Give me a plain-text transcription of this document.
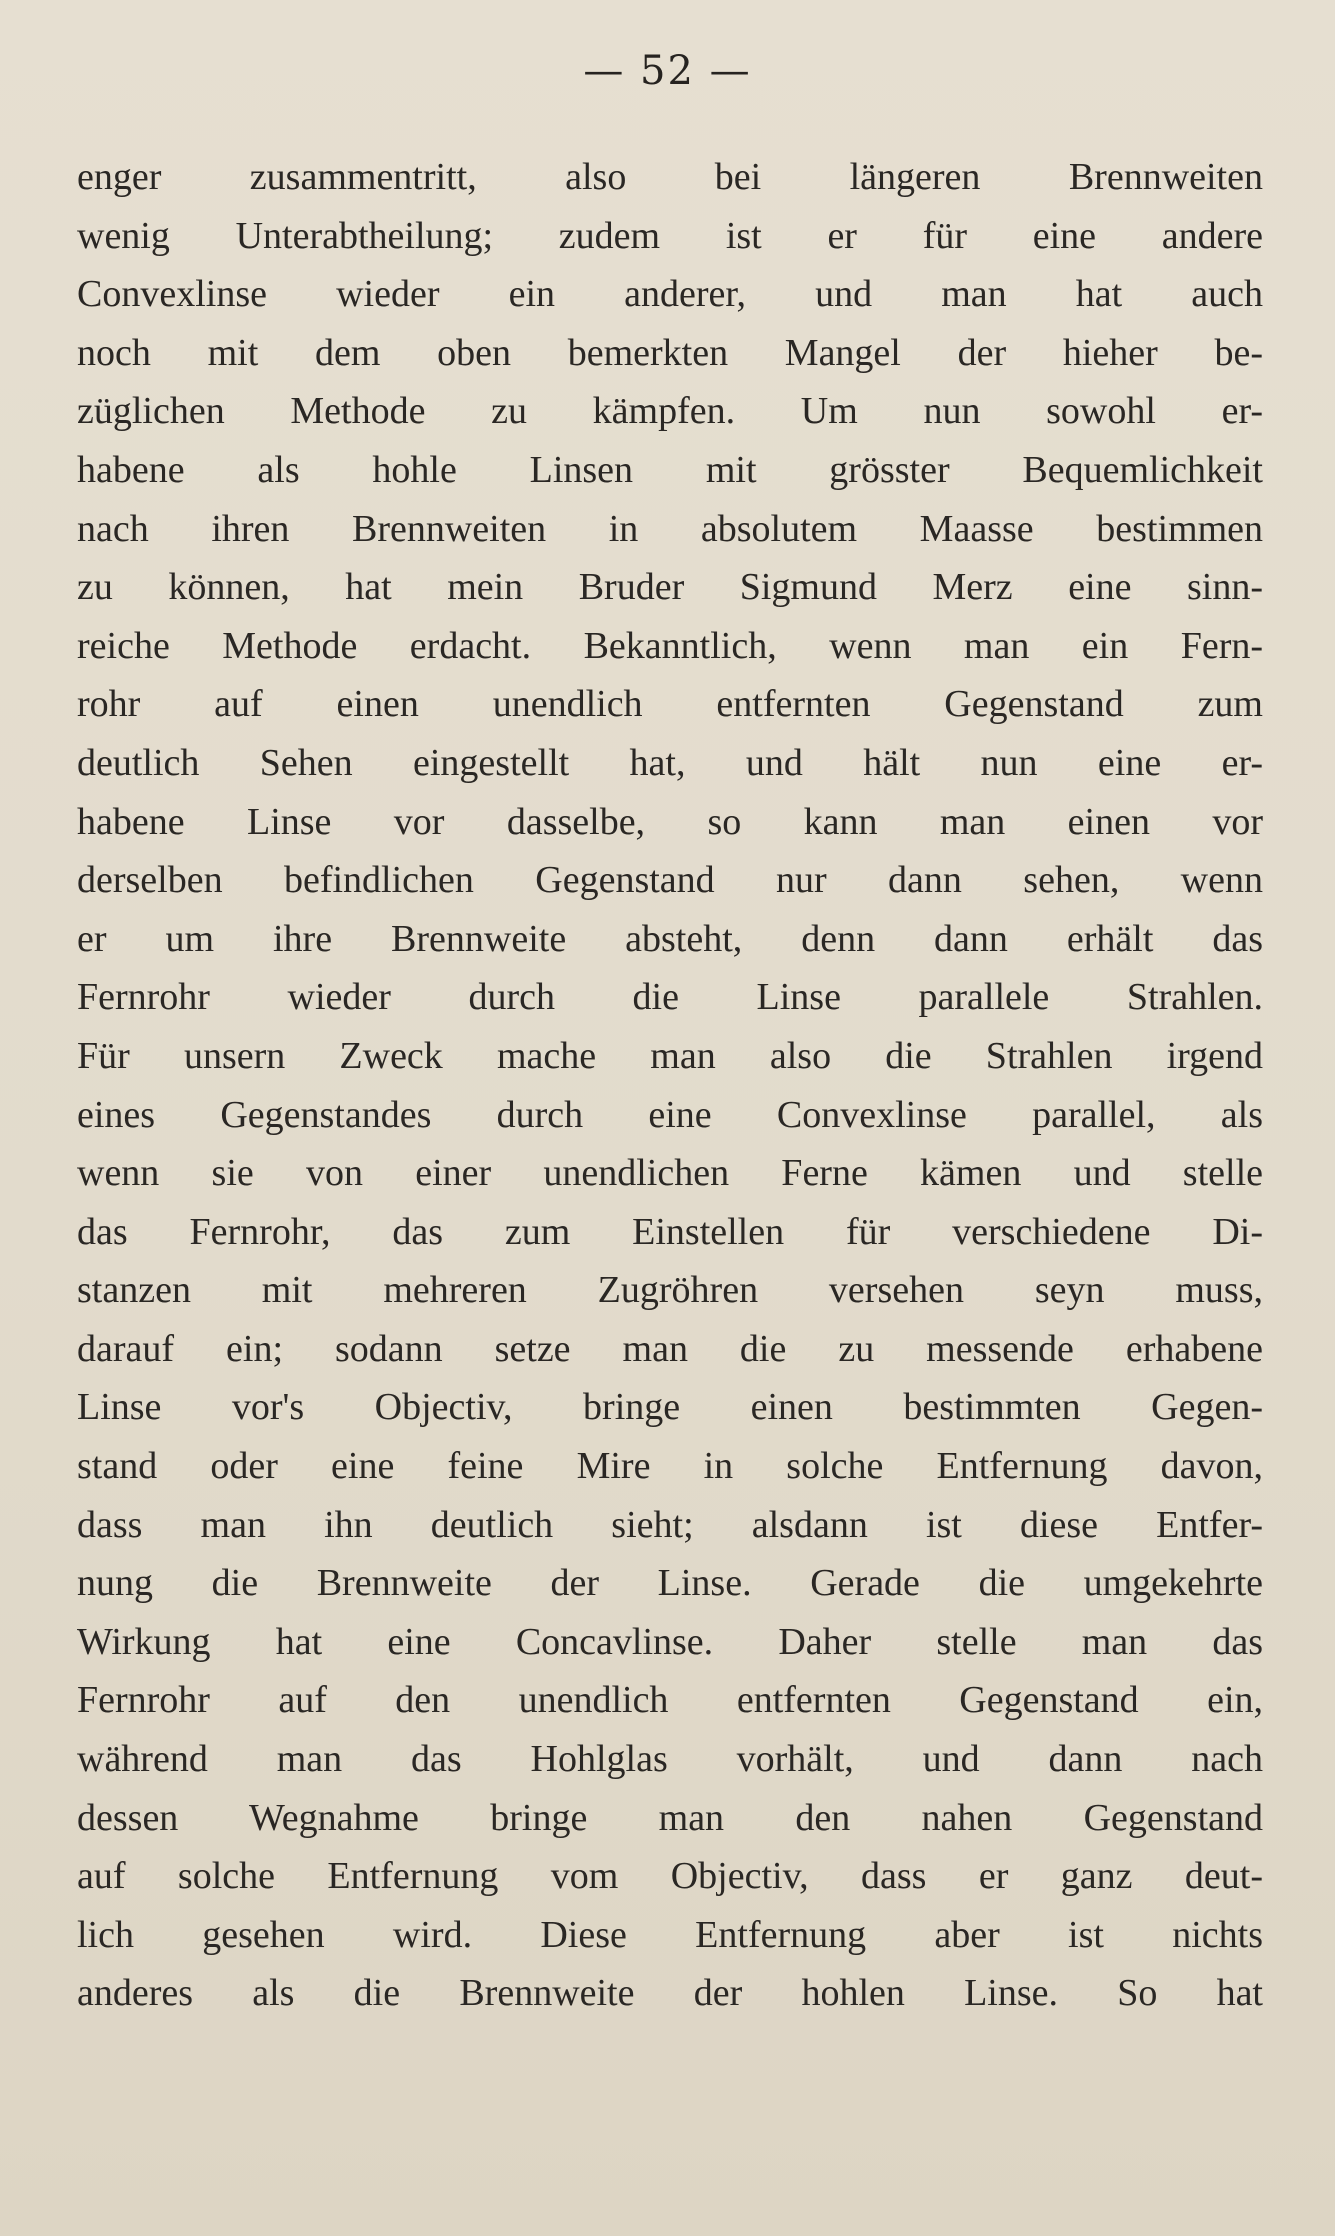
— 52 —
enger zusammentritt, also bei längeren Brennweiten
wenig Unterabtheilung; zudem ist er für eine andere
Convexlinse wieder ein anderer, und man hat auch
noch mit dem oben bemerkten Mangel der hieher be-
züglichen Methode zu kämpfen. Um nun sowohl er-
habene als hohle Linsen mit grösster Bequemlichkeit
nach ihren Brennweiten in absolutem Maasse bestimmen
zu können, hat mein Bruder Sigmund Merz eine sinn-
reiche Methode erdacht. Bekanntlich, wenn man ein Fern-
rohr auf einen unendlich entfernten Gegenstand zum
deutlich Sehen eingestellt hat, und hält nun eine er-
habene Linse vor dasselbe, so kann man einen vor
derselben befindlichen Gegenstand nur dann sehen, wenn
er um ihre Brennweite absteht, denn dann erhält das
Fernrohr wieder durch die Linse parallele Strahlen.
Für unsern Zweck mache man also die Strahlen irgend
eines Gegenstandes durch eine Convexlinse parallel, als
wenn sie von einer unendlichen Ferne kämen und stelle
das Fernrohr, das zum Einstellen für verschiedene Di-
stanzen mit mehreren Zugröhren versehen seyn muss,
darauf ein; sodann setze man die zu messende erhabene
Linse vor's Objectiv, bringe einen bestimmten Gegen-
stand oder eine feine Mire in solche Entfernung davon,
dass man ihn deutlich sieht; alsdann ist diese Entfer-
nung die Brennweite der Linse. Gerade die umgekehrte
Wirkung hat eine Concavlinse. Daher stelle man das
Fernrohr auf den unendlich entfernten Gegenstand ein,
während man das Hohlglas vorhält, und dann nach
dessen Wegnahme bringe man den nahen Gegenstand
auf solche Entfernung vom Objectiv, dass er ganz deut-
lich gesehen wird. Diese Entfernung aber ist nichts
anderes als die Brennweite der hohlen Linse. So hat
